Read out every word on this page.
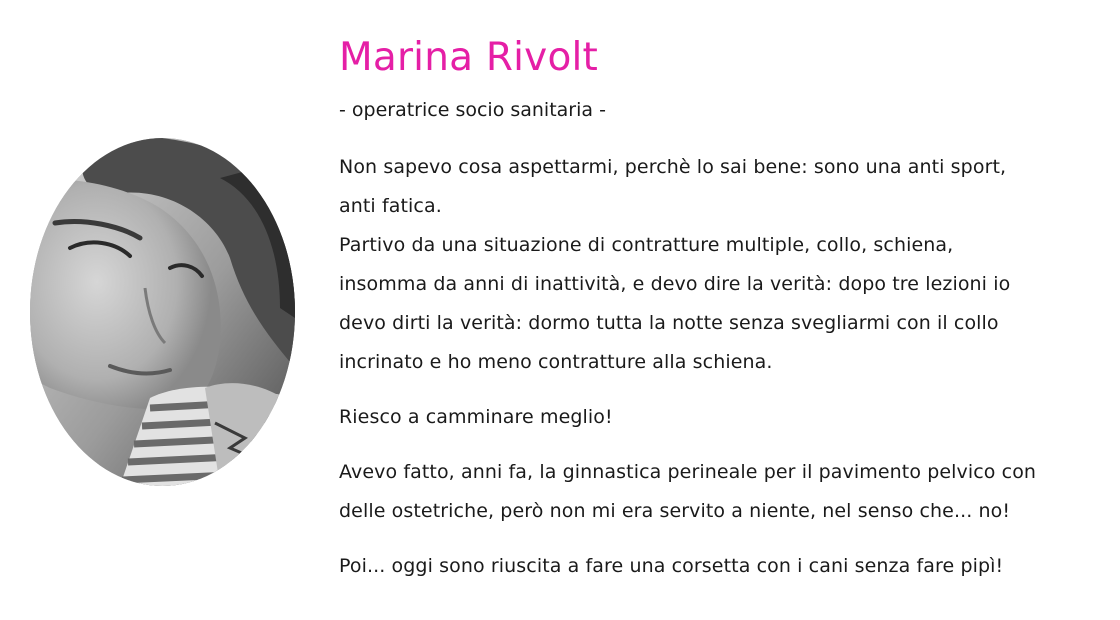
Marina Rivolt
- operatrice socio sanitaria -

Non sapevo cosa aspettarmi, perchè lo sai bene: sono una anti sport,
anti fatica.
Partivo da una situazione di contratture multiple, collo, schiena,
insomma da anni di inattività, e devo dire la verità: dopo tre lezioni io
devo dirti la verità: dormo tutta la notte senza svegliarmi con il collo
incrinato e ho meno contratture alla schiena.

Riesco a camminare meglio!

Avevo fatto, anni fa, la ginnastica perineale per il pavimento pelvico con
delle ostetriche, però non mi era servito a niente, nel senso che... no!

Poi... oggi sono riuscita a fare una corsetta con i cani senza fare pipì!
